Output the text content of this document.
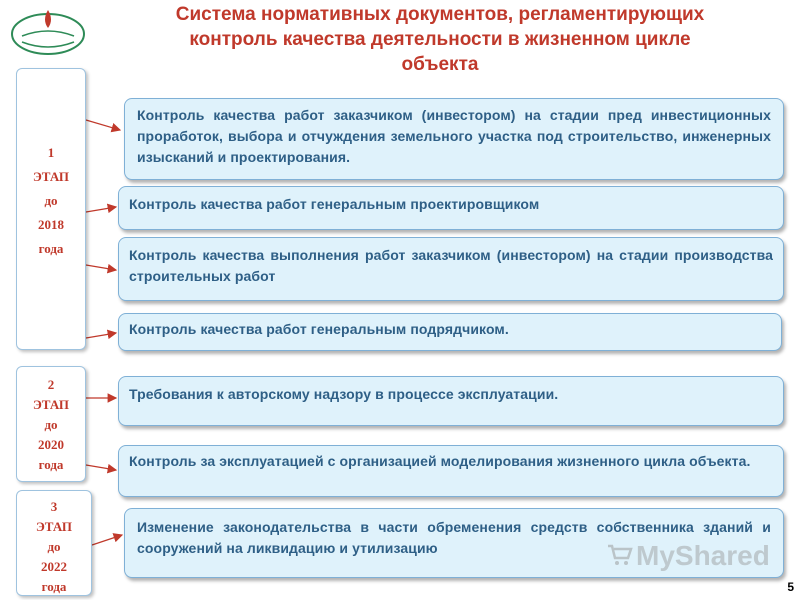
Система нормативных документов, регламентирующих
контроль качества деятельности в жизненном цикле
объекта
1
ЭТАП
до
2018
года
2
ЭТАП
до
2020
года
3
ЭТАП
до
2022
года
Контроль качества работ заказчиком (инвестором) на стадии пред инвестиционных проработок, выбора и отчуждения земельного участка под строительство, инженерных изысканий и проектирования.
Контроль качества работ генеральным проектировщиком
Контроль качества выполнения работ заказчиком (инвестором) на стадии производства строительных работ
Контроль качества работ генеральным подрядчиком.
Требования к авторскому надзору в процессе эксплуатации.
Контроль за эксплуатацией с организацией моделирования жизненного цикла объекта.
Изменение законодательства в части обременения средств собственника зданий и сооружений на ликвидацию и утилизацию	MyShared
5
